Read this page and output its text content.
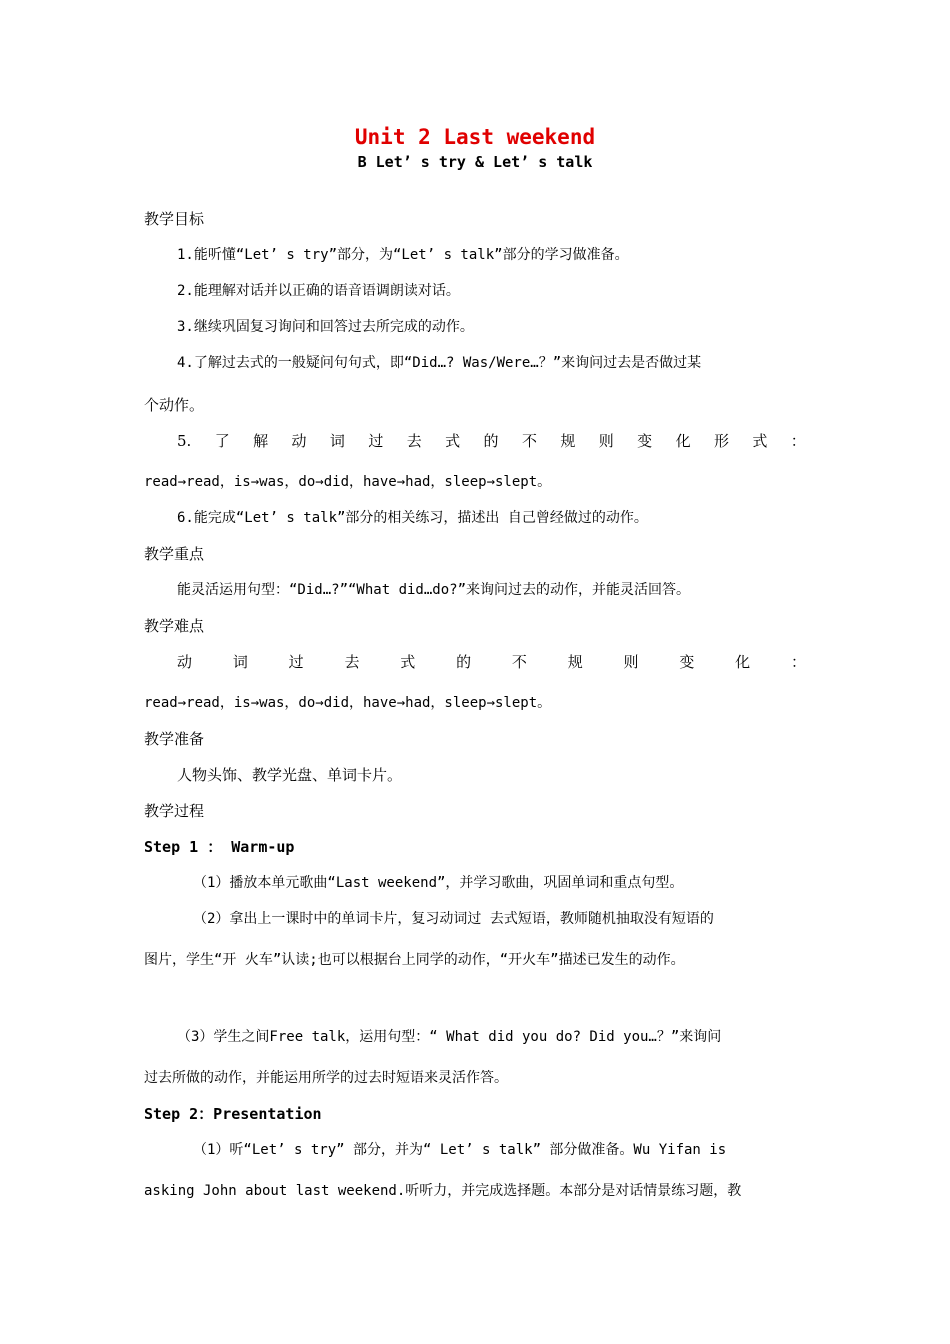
Unit 2 Last weekend
B Let’ s try & Let’ s talk
教学目标
1.能听懂“Let’ s try”部分，为“Let’ s talk”部分的学习做准备。
2.能理解对话并以正确的语音语调朗读对话。
3.继续巩固复习询问和回答过去所完成的动作。
4.了解过去式的一般疑问句句式，即“Did…? Was/Were…？”来询问过去是否做过某
个动作。
5. 了 解 动 词 过 去 式 的 不 规 则 变 化 形 式 ：
read→read，is→was，do→did，have→had，sleep→slept。
6.能完成“Let’ s talk”部分的相关练习，描述出 自己曾经做过的动作。
教学重点
能灵活运用句型：“Did…?”“What did…do?”来询问过去的动作，并能灵活回答。
教学难点
动	词	过	去	式	的	不	规	则	变	化	：
read→read，is→was，do→did，have→had，sleep→slept。
教学准备
人物头饰、教学光盘、单词卡片。
教学过程
Step 1 ： Warm-up
（1）播放本单元歌曲“Last weekend”，并学习歌曲，巩固单词和重点句型。
（2）拿出上一课时中的单词卡片，复习动词过 去式短语，教师随机抽取没有短语的
图片，学生“开 火车”认读;也可以根据台上同学的动作，“开火车”描述已发生的动作。
（3）学生之间Free talk，运用句型：“ What did you do? Did you…？”来询问
过去所做的动作，并能运用所学的过去时短语来灵活作答。
Step 2：Presentation
（1）听“Let’ s try” 部分，并为“ Let’ s talk” 部分做准备。Wu Yifan is
asking John about last weekend.听听力，并完成选择题。本部分是对话情景练习题，教
